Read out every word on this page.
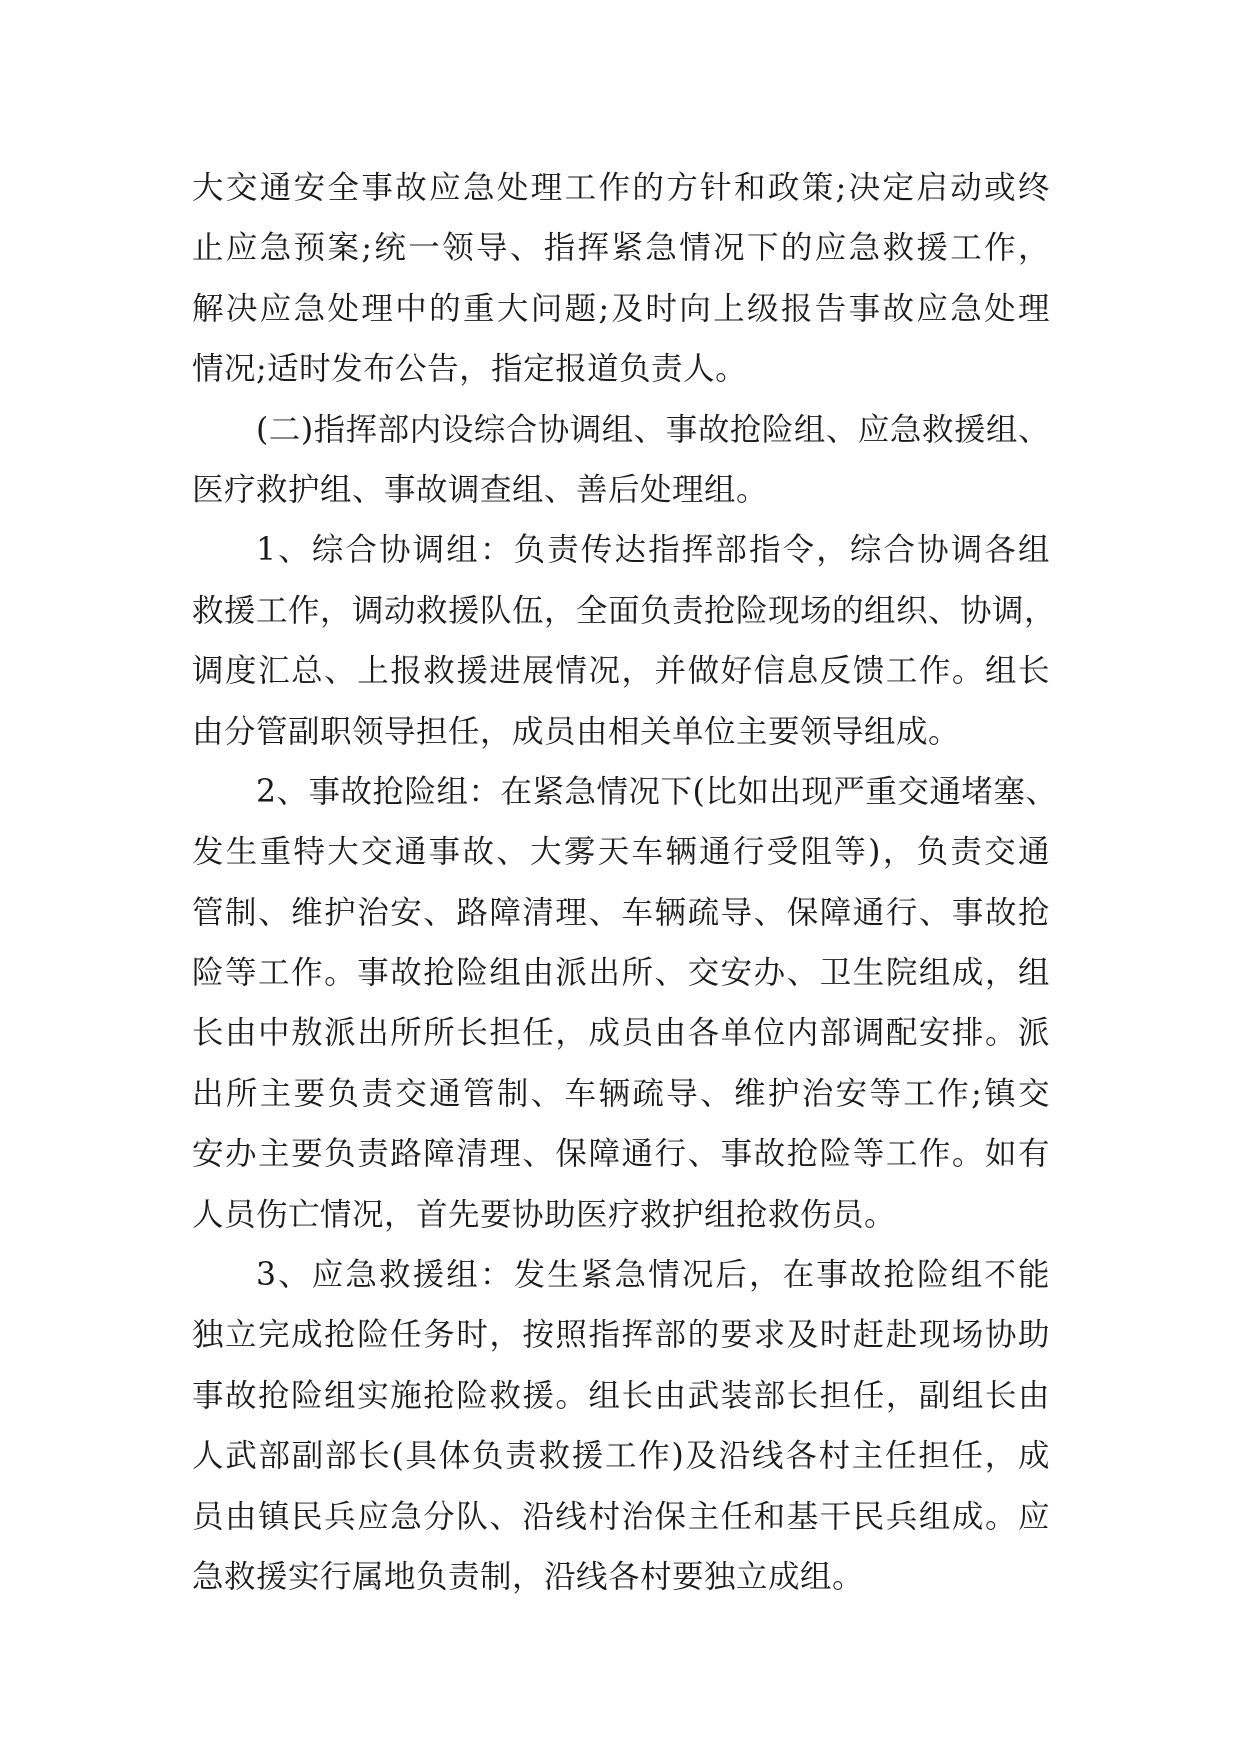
大交通安全事故应急处理工作的方针和政策;决定启动或终
止应急预案;统一领导、指挥紧急情况下的应急救援工作，
解决应急处理中的重大问题;及时向上级报告事故应急处理
情况;适时发布公告，指定报道负责人。
(二)指挥部内设综合协调组、事故抢险组、应急救援组、
医疗救护组、事故调查组、善后处理组。
1、综合协调组：负责传达指挥部指令，综合协调各组
救援工作，调动救援队伍，全面负责抢险现场的组织、协调，
调度汇总、上报救援进展情况，并做好信息反馈工作。组长
由分管副职领导担任，成员由相关单位主要领导组成。
2、事故抢险组：在紧急情况下(比如出现严重交通堵塞、
发生重特大交通事故、大雾天车辆通行受阻等)，负责交通
管制、维护治安、路障清理、车辆疏导、保障通行、事故抢
险等工作。事故抢险组由派出所、交安办、卫生院组成，组
长由中敖派出所所长担任，成员由各单位内部调配安排。派
出所主要负责交通管制、车辆疏导、维护治安等工作;镇交
安办主要负责路障清理、保障通行、事故抢险等工作。如有
人员伤亡情况，首先要协助医疗救护组抢救伤员。
3、应急救援组：发生紧急情况后，在事故抢险组不能
独立完成抢险任务时，按照指挥部的要求及时赶赴现场协助
事故抢险组实施抢险救援。组长由武装部长担任，副组长由
人武部副部长(具体负责救援工作)及沿线各村主任担任，成
员由镇民兵应急分队、沿线村治保主任和基干民兵组成。应
急救援实行属地负责制，沿线各村要独立成组。
